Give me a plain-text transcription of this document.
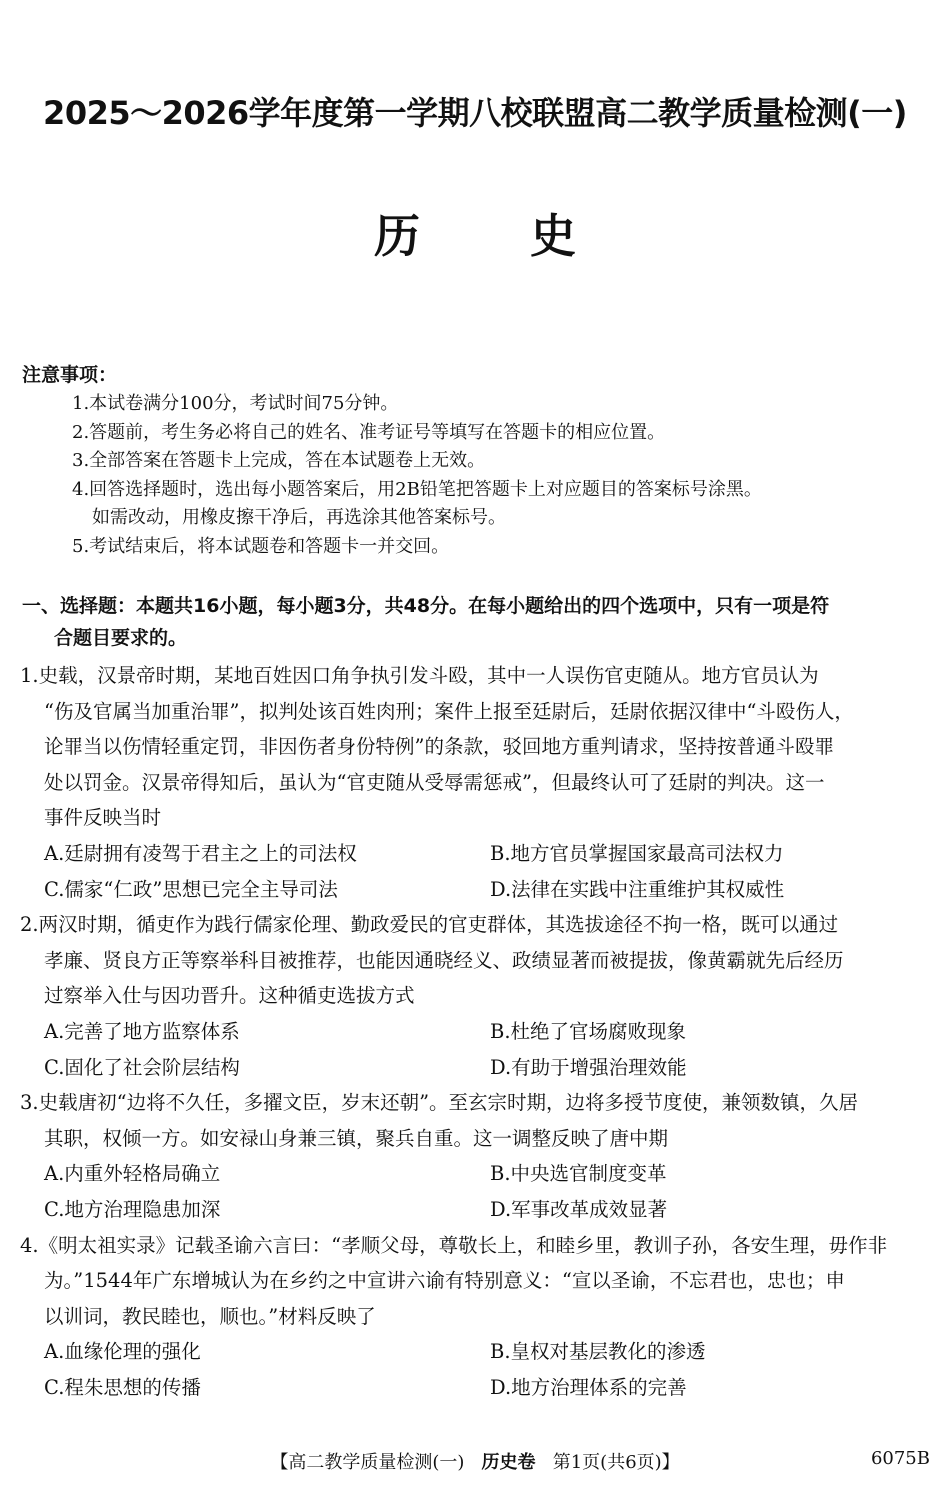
2025～2026学年度第一学期八校联盟高二教学质量检测(一)
历史
注意事项：
1.本试卷满分100分，考试时间75分钟。
2.答题前，考生务必将自己的姓名、准考证号等填写在答题卡的相应位置。
3.全部答案在答题卡上完成，答在本试题卷上无效。
4.回答选择题时，选出每小题答案后，用2B铅笔把答题卡上对应题目的答案标号涂黑。
如需改动，用橡皮擦干净后，再选涂其他答案标号。
5.考试结束后，将本试题卷和答题卡一并交回。
一、选择题：本题共16小题，每小题3分，共48分。在每小题给出的四个选项中，只有一项是符
合题目要求的。
1.史载，汉景帝时期，某地百姓因口角争执引发斗殴，其中一人误伤官吏随从。地方官员认为
“伤及官属当加重治罪”，拟判处该百姓肉刑；案件上报至廷尉后，廷尉依据汉律中“斗殴伤人，
论罪当以伤情轻重定罚，非因伤者身份特例”的条款，驳回地方重判请求，坚持按普通斗殴罪
处以罚金。汉景帝得知后，虽认为“官吏随从受辱需惩戒”，但最终认可了廷尉的判决。这一
事件反映当时
A.廷尉拥有凌驾于君主之上的司法权	B.地方官员掌握国家最高司法权力
C.儒家“仁政”思想已完全主导司法	D.法律在实践中注重维护其权威性
2.两汉时期，循吏作为践行儒家伦理、勤政爱民的官吏群体，其选拔途径不拘一格，既可以通过
孝廉、贤良方正等察举科目被推荐，也能因通晓经义、政绩显著而被提拔，像黄霸就先后经历
过察举入仕与因功晋升。这种循吏选拔方式
A.完善了地方监察体系	B.杜绝了官场腐败现象
C.固化了社会阶层结构	D.有助于增强治理效能
3.史载唐初“边将不久任，多擢文臣，岁末还朝”。至玄宗时期，边将多授节度使，兼领数镇，久居
其职，权倾一方。如安禄山身兼三镇，聚兵自重。这一调整反映了唐中期
A.内重外轻格局确立	B.中央选官制度变革
C.地方治理隐患加深	D.军事改革成效显著
4.《明太祖实录》记载圣谕六言曰：“孝顺父母，尊敬长上，和睦乡里，教训子孙，各安生理，毋作非
为。”1544年广东增城认为在乡约之中宣讲六谕有特别意义：“宣以圣谕，不忘君也，忠也；申
以训词，教民睦也，顺也。”材料反映了
A.血缘伦理的强化	B.皇权对基层教化的渗透
C.程朱思想的传播	D.地方治理体系的完善
【高二教学质量检测(一) 历史卷 第1页(共6页)】	6075B
